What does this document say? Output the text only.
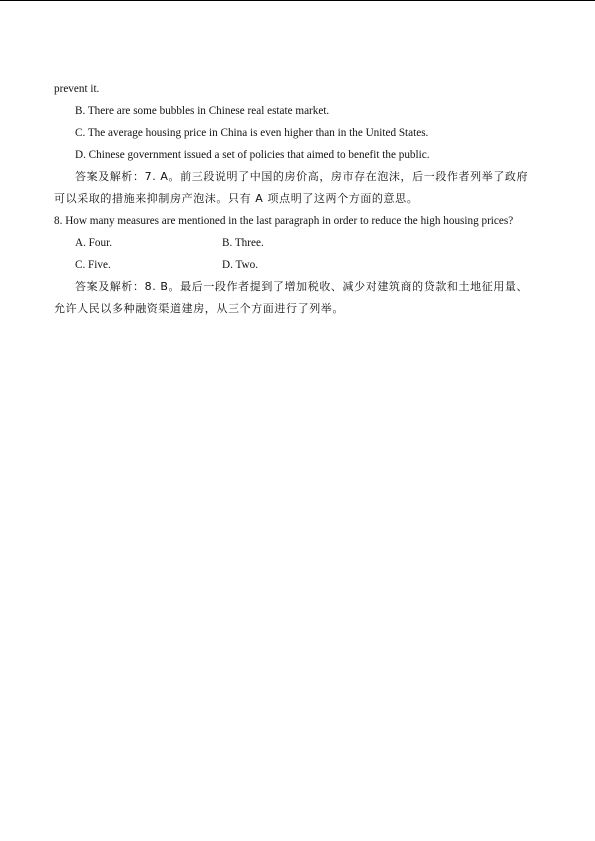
prevent it.

B. There are some bubbles in Chinese real estate market.

C. The average housing price in China is even higher than in the United States.

D. Chinese government issued a set of policies that aimed to benefit the public.

答案及解析：7. A。前三段说明了中国的房价高，房市存在泡沫，后一段作者列举了政府

可以采取的措施来抑制房产泡沫。只有 A 项点明了这两个方面的意思。

8. How many measures are mentioned in the last paragraph in order to reduce the high housing prices?

A. Four.	B. Three.
C. Five.	D. Two.

答案及解析：8. B。最后一段作者提到了增加税收、减少对建筑商的贷款和土地征用量、

允许人民以多种融资渠道建房，从三个方面进行了列举。
